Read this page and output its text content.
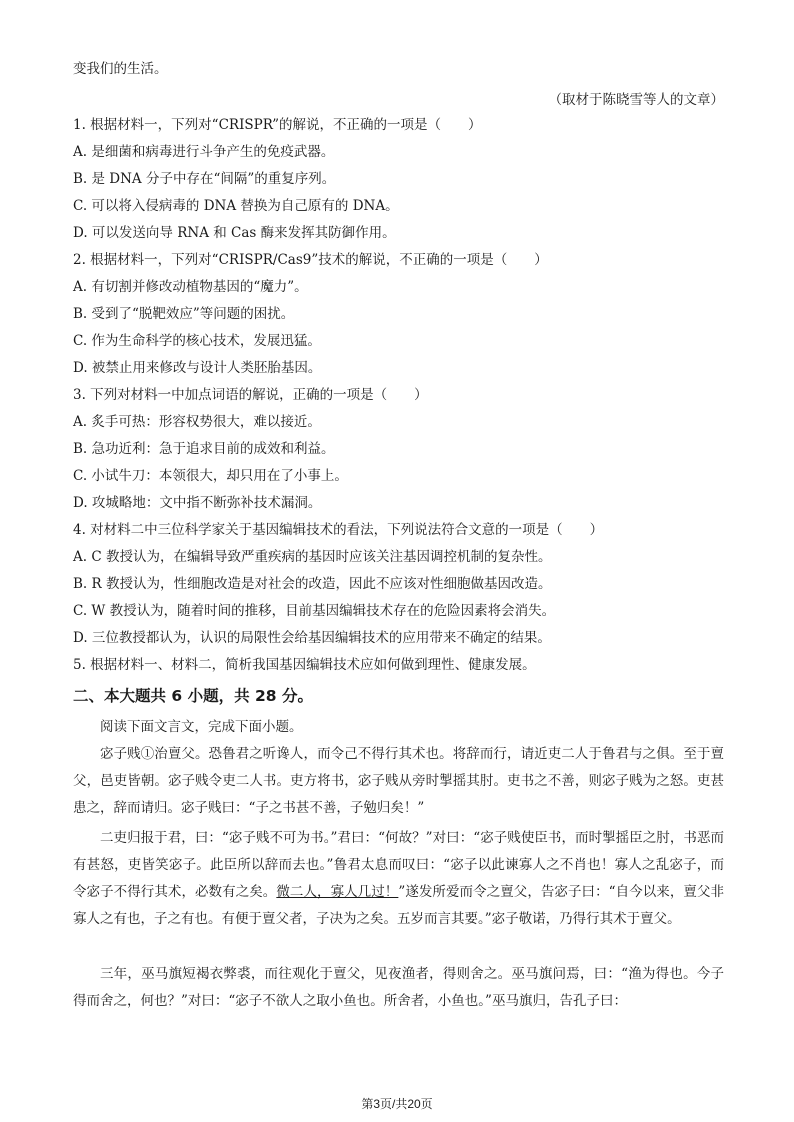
变我们的生活。
（取材于陈晓雪等人的文章）
1. 根据材料一，下列对“CRISPR”的解说，不正确的一项是（　　）
A. 是细菌和病毒进行斗争产生的免疫武器。
B. 是 DNA 分子中存在“间隔”的重复序列。
C. 可以将入侵病毒的 DNA 替换为自己原有的 DNA。
D. 可以发送向导 RNA 和 Cas 酶来发挥其防御作用。
2. 根据材料一，下列对“CRISPR/Cas9”技术的解说，不正确的一项是（　　）
A. 有切割并修改动植物基因的“魔力”。
B. 受到了“脱靶效应”等问题的困扰。
C. 作为生命科学的核心技术，发展迅猛。
D. 被禁止用来修改与设计人类胚胎基因。
3. 下列对材料一中加点词语的解说，正确的一项是（　　）
A. 炙手可热：形容权势很大，难以接近。
B. 急功近利：急于追求目前的成效和利益。
C. 小试牛刀：本领很大，却只用在了小事上。
D. 攻城略地：文中指不断弥补技术漏洞。
4. 对材料二中三位科学家关于基因编辑技术的看法，下列说法符合文意的一项是（　　）
A. C 教授认为，在编辑导致严重疾病的基因时应该关注基因调控机制的复杂性。
B. R 教授认为，性细胞改造是对社会的改造，因此不应该对性细胞做基因改造。
C. W 教授认为，随着时间的推移，目前基因编辑技术存在的危险因素将会消失。
D. 三位教授都认为，认识的局限性会给基因编辑技术的应用带来不确定的结果。
5. 根据材料一、材料二，简析我国基因编辑技术应如何做到理性、健康发展。
二、本大题共 6 小题，共 28 分。
阅读下面文言文，完成下面小题。
宓子贱①治亶父。恐鲁君之听谗人，而令己不得行其术也。将辞而行，请近吏二人于鲁君与之俱。至于亶父，邑吏皆朝。宓子贱令吏二人书。吏方将书，宓子贱从旁时掣摇其肘。吏书之不善，则宓子贱为之怒。吏甚患之，辞而请归。宓子贱曰：“子之书甚不善，子勉归矣！”
二吏归报于君，曰：“宓子贱不可为书。”君曰：“何故？”对曰：“宓子贱使臣书，而时掣摇臣之肘，书恶而有甚怒，吏皆笑宓子。此臣所以辞而去也。”鲁君太息而叹曰：“宓子以此谏寡人之不肖也！寡人之乱宓子，而令宓子不得行其术，必数有之矣。微二人，寡人几过！”遂发所爱而令之亶父，告宓子曰：“自今以来，亶父非寡人之有也，子之有也。有便于亶父者，子决为之矣。五岁而言其要。”宓子敬诺，乃得行其术于亶父。
三年，巫马旗短褐衣弊裘，而往观化于亶父，见夜渔者，得则舍之。巫马旗问焉，曰：“渔为得也。今子得而舍之，何也？”对曰：“宓子不欲人之取小鱼也。所舍者，小鱼也。”巫马旗归，告孔子曰：
第3页/共20页
